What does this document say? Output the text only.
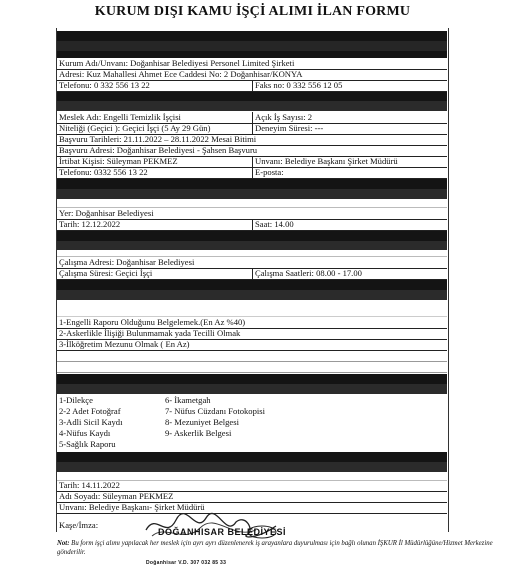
KURUM DIŞI KAMU İŞÇİ ALIMI İLAN FORMU
Kurum Adı/Unvanı: Doğanhisar Belediyesi Personel Limited Şirketi
Adresi: Kuz Mahallesi Ahmet Ece Caddesi No: 2 Doğanhisar/KONYA
Telefonu: 0 332 556 13 22	Faks no: 0 332 556 12 05
Meslek Adı: Engelli Temizlik İşçisi	Açık İş Sayısı: 2
Niteliği (Geçici ): Geçici İşçi (5 Ay 29 Gün)	Deneyim Süresi: ---
Başvuru Tarihleri: 21.11.2022 – 28.11.2022 Mesai Bitimi
Başvuru Adresi: Doğanhisar Belediyesi - Şahsen Başvuru
İrtibat Kişisi: Süleyman PEKMEZ	Unvanı: Belediye Başkanı Şirket Müdürü
Telefonu: 0332 556 13 22	E-posta:
Yer: Doğanhisar Belediyesi
Tarih: 12.12.2022	Saat: 14.00
Çalışma Adresi: Doğanhisar Belediyesi
Çalışma Süresi: Geçici İşçi	Çalışma Saatleri: 08.00 - 17.00
1-Engelli Raporu Olduğunu Belgelemek.(En Az %40)
2-Askerlikle İlişiği Bulunmamak yada Tecilli Olmak
3-İlköğretim Mezunu Olmak ( En Az)
1-Dilekçe
2-2 Adet Fotoğraf
3-Adli Sicil Kaydı
4-Nüfus Kaydı
5-Sağlık Raporu
6- İkametgah
7- Nüfus Cüzdanı Fotokopisi
8- Mezuniyet Belgesi
9- Askerlik Belgesi
Tarih: 14.11.2022
Adı Soyadı: Süleyman PEKMEZ
Unvanı: Belediye Başkanı- Şirket Müdürü
Kaşe/İmza:
DOĞANHISAR BELEDİYESİ
Doğanhisar V.D. 307 032 85 33
Not: Bu form işçi alımı yapılacak her meslek için ayrı ayrı düzenlenerek iş arayanlara duyurulması için bağlı olunan İŞKUR İl Müdürlüğüne/Hizmet Merkezine gönderilir.
